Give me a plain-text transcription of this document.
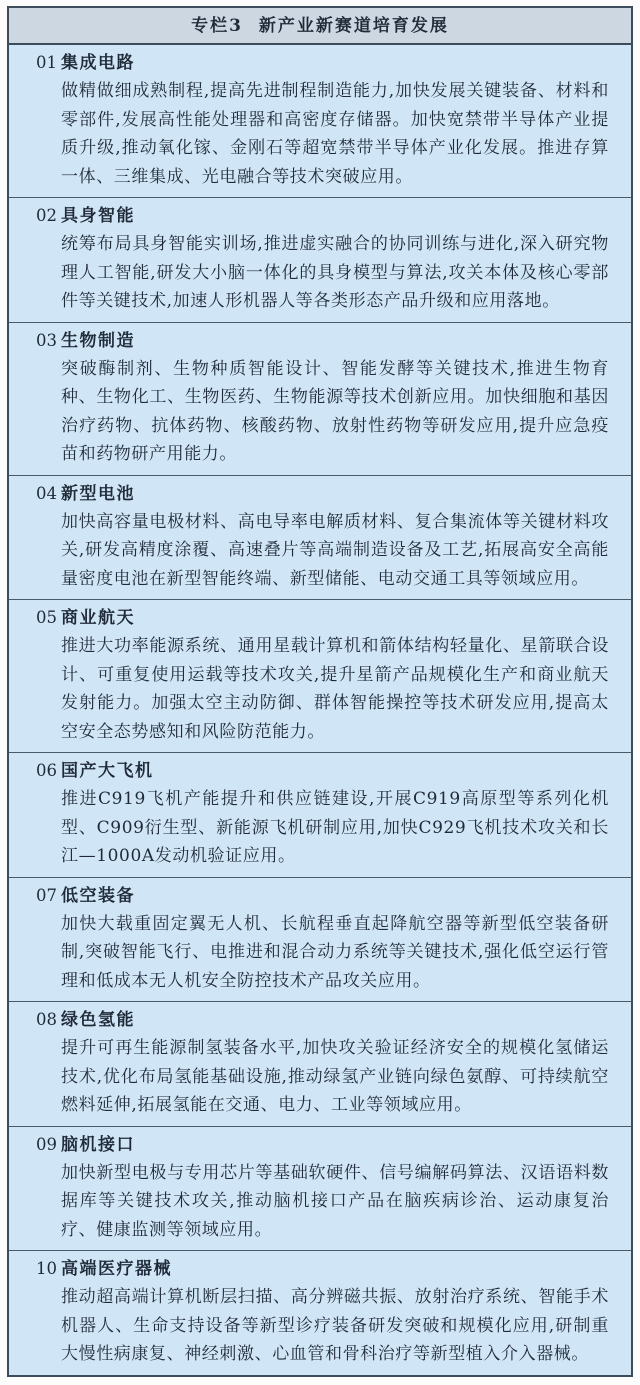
专栏3 新产业新赛道培育发展
01 集成电路
做精做细成熟制程,提高先进制程制造能力,加快发展关键装备、材料和零部件,发展高性能处理器和高密度存储器。加快宽禁带半导体产业提质升级,推动氧化镓、金刚石等超宽禁带半导体产业化发展。推进存算一体、三维集成、光电融合等技术突破应用。
02 具身智能
统筹布局具身智能实训场,推进虚实融合的协同训练与进化,深入研究物理人工智能,研发大小脑一体化的具身模型与算法,攻关本体及核心零部件等关键技术,加速人形机器人等各类形态产品升级和应用落地。
03 生物制造
突破酶制剂、生物种质智能设计、智能发酵等关键技术,推进生物育种、生物化工、生物医药、生物能源等技术创新应用。加快细胞和基因治疗药物、抗体药物、核酸药物、放射性药物等研发应用,提升应急疫苗和药物研产用能力。
04 新型电池
加快高容量电极材料、高电导率电解质材料、复合集流体等关键材料攻关,研发高精度涂覆、高速叠片等高端制造设备及工艺,拓展高安全高能量密度电池在新型智能终端、新型储能、电动交通工具等领域应用。
05 商业航天
推进大功率能源系统、通用星载计算机和箭体结构轻量化、星箭联合设计、可重复使用运载等技术攻关,提升星箭产品规模化生产和商业航天发射能力。加强太空主动防御、群体智能操控等技术研发应用,提高太空安全态势感知和风险防范能力。
06 国产大飞机
推进C919飞机产能提升和供应链建设,开展C919高原型等系列化机型、C909衍生型、新能源飞机研制应用,加快C929飞机技术攻关和长江—1000A发动机验证应用。
07 低空装备
加快大载重固定翼无人机、长航程垂直起降航空器等新型低空装备研制,突破智能飞行、电推进和混合动力系统等关键技术,强化低空运行管理和低成本无人机安全防控技术产品攻关应用。
08 绿色氢能
提升可再生能源制氢装备水平,加快攻关验证经济安全的规模化氢储运技术,优化布局氢能基础设施,推动绿氢产业链向绿色氨醇、可持续航空燃料延伸,拓展氢能在交通、电力、工业等领域应用。
09 脑机接口
加快新型电极与专用芯片等基础软硬件、信号编解码算法、汉语语料数据库等关键技术攻关,推动脑机接口产品在脑疾病诊治、运动康复治疗、健康监测等领域应用。
10 高端医疗器械
推动超高端计算机断层扫描、高分辨磁共振、放射治疗系统、智能手术机器人、生命支持设备等新型诊疗装备研发突破和规模化应用,研制重大慢性病康复、神经刺激、心血管和骨科治疗等新型植入介入器械。
